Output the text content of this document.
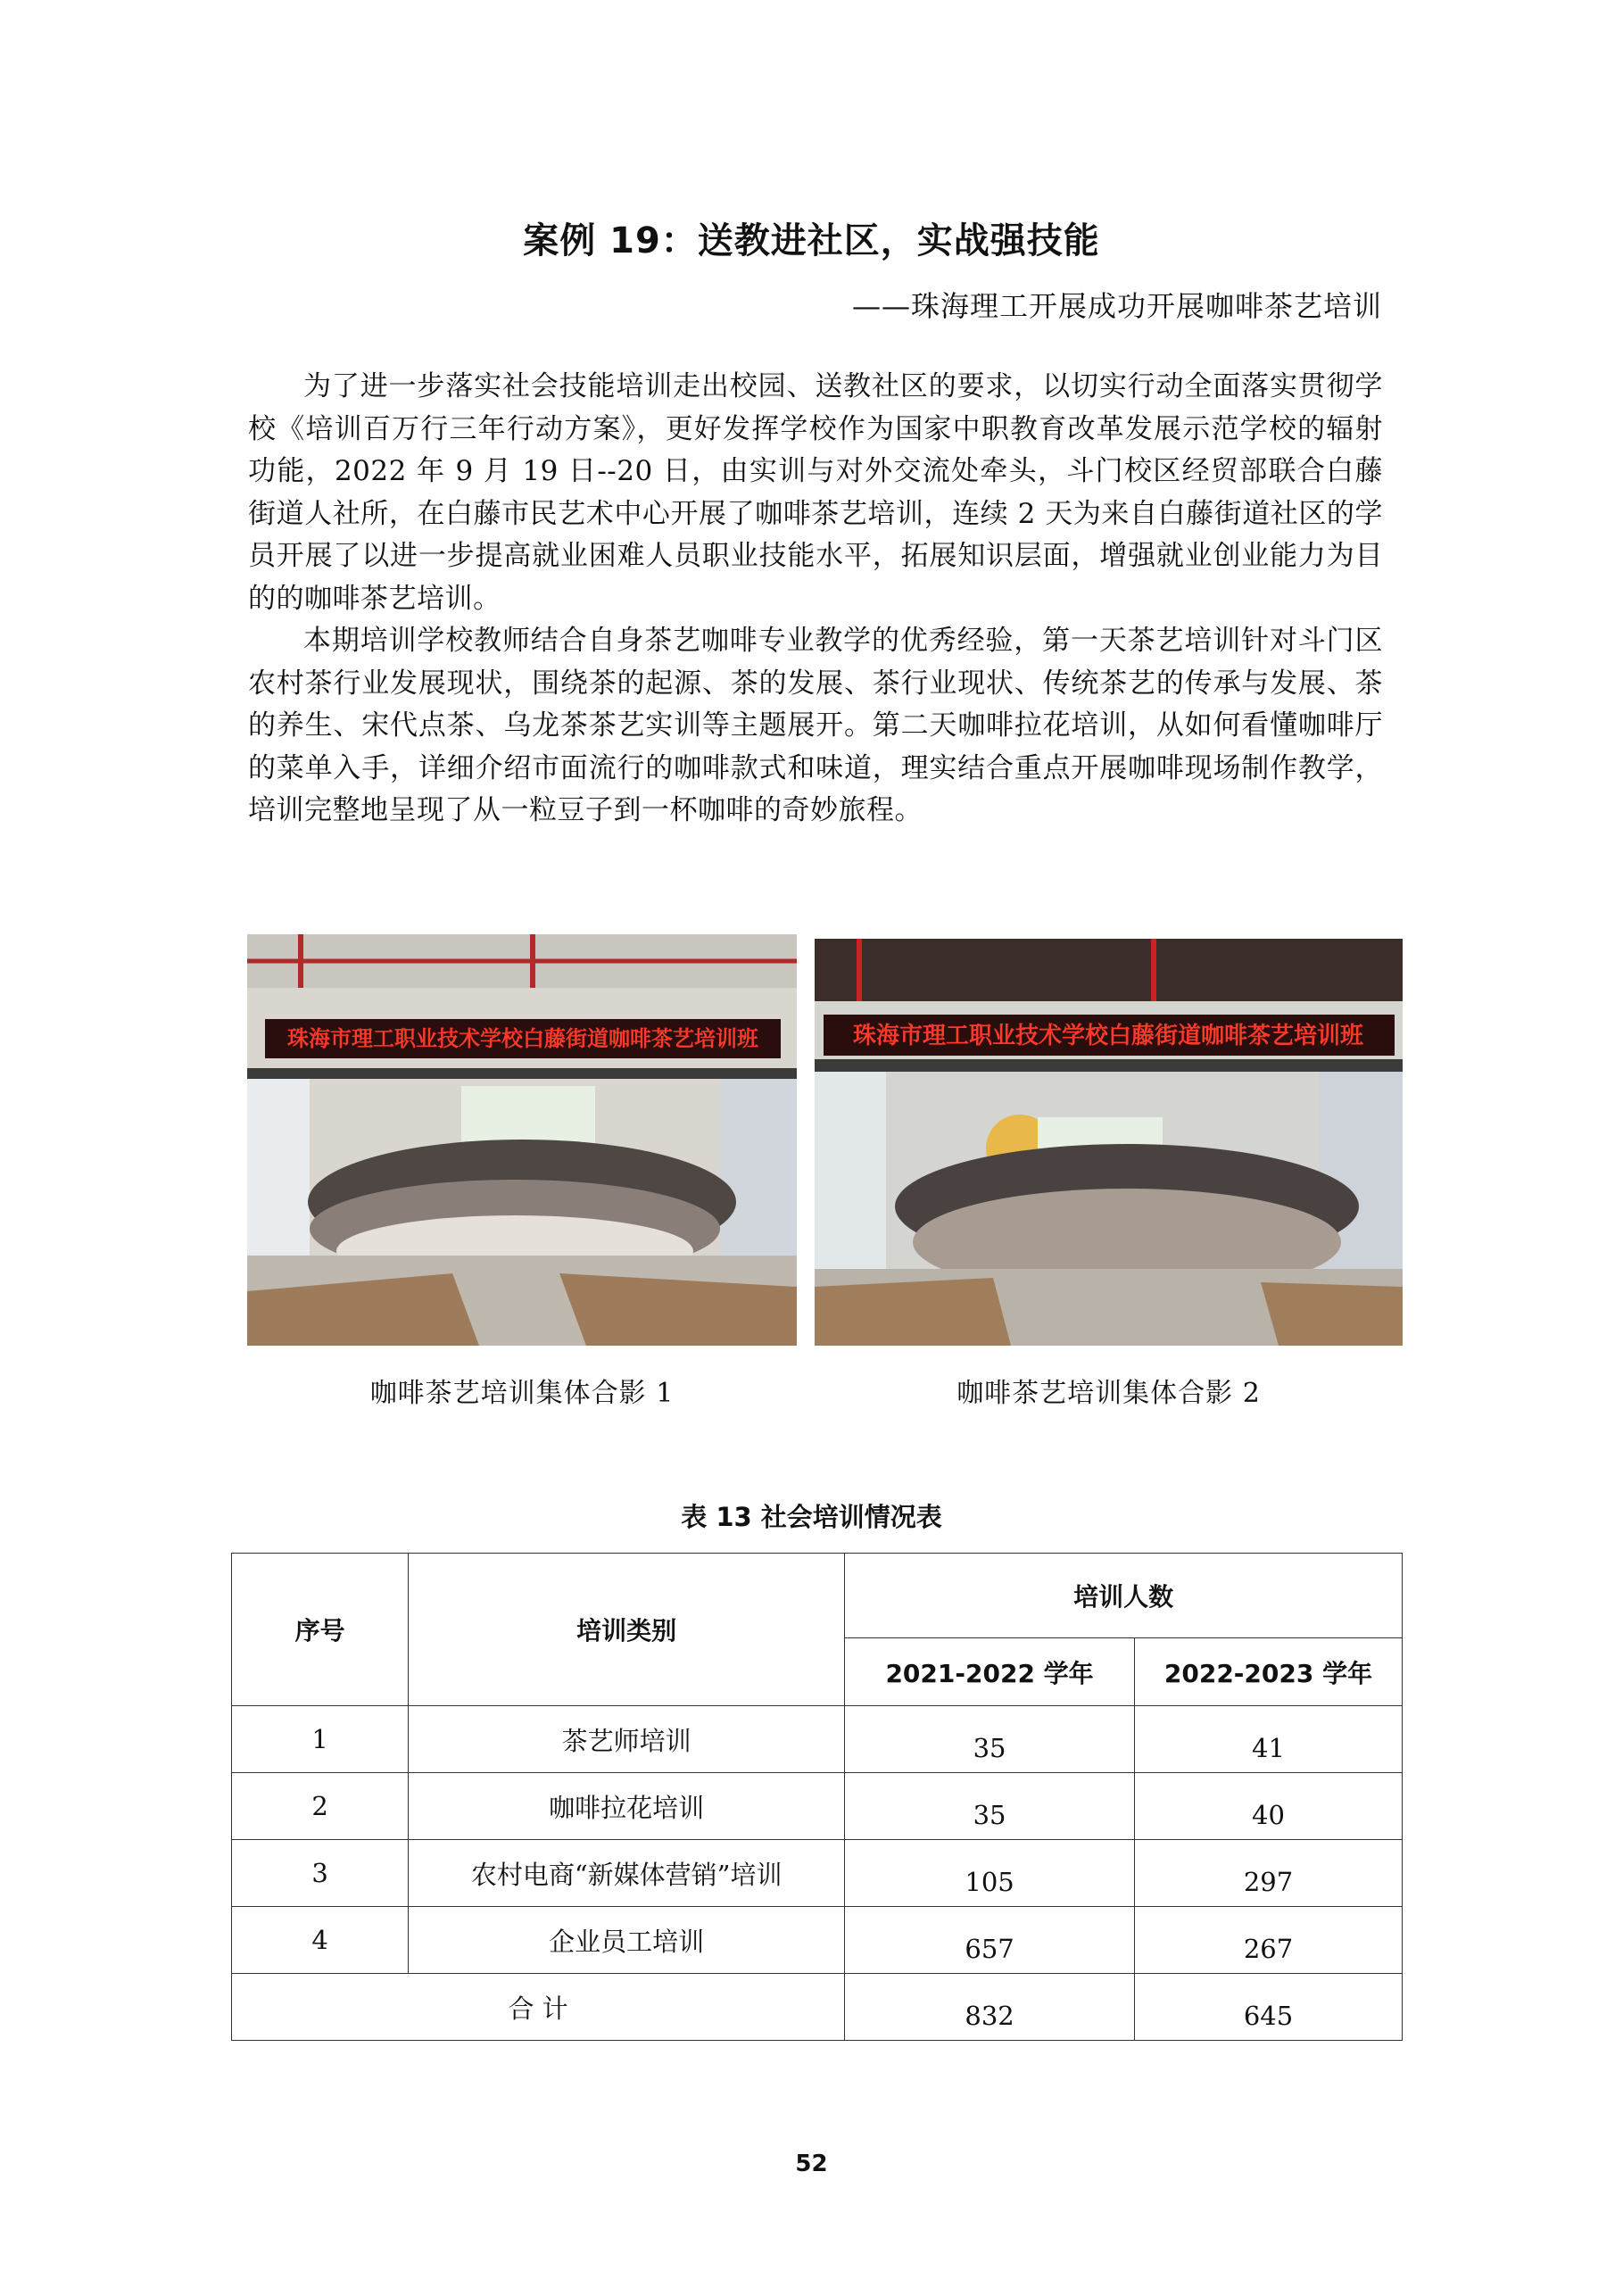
案例 19：送教进社区，实战强技能
——珠海理工开展成功开展咖啡茶艺培训

为了进一步落实社会技能培训走出校园、送教社区的要求，以切实行动全面落实贯彻学校《培训百万行三年行动方案》，更好发挥学校作为国家中职教育改革发展示范学校的辐射功能，2022 年 9 月 19 日--20 日，由实训与对外交流处牵头，斗门校区经贸部联合白藤街道人社所，在白藤市民艺术中心开展了咖啡茶艺培训，连续 2 天为来自白藤街道社区的学员开展了以进一步提高就业困难人员职业技能水平，拓展知识层面，增强就业创业能力为目的的咖啡茶艺培训。

本期培训学校教师结合自身茶艺咖啡专业教学的优秀经验，第一天茶艺培训针对斗门区农村茶行业发展现状，围绕茶的起源、茶的发展、茶行业现状、传统茶艺的传承与发展、茶的养生、宋代点茶、乌龙茶茶艺实训等主题展开。第二天咖啡拉花培训，从如何看懂咖啡厅的菜单入手，详细介绍市面流行的咖啡款式和味道，理实结合重点开展咖啡现场制作教学，培训完整地呈现了从一粒豆子到一杯咖啡的奇妙旅程。

珠海市理工职业技术学校白藤街道咖啡茶艺培训班	珠海市理工职业技术学校白藤街道咖啡茶艺培训班
咖啡茶艺培训集体合影 1	咖啡茶艺培训集体合影 2
表 13 社会培训情况表
序号	培训类别	培训人数	
		2021-2022 学年	2022-2023 学年
1	茶艺师培训	35	41
2	咖啡拉花培训	35	40
3	农村电商“新媒体营销”培训	105	297
4	企业员工培训	657	267
合 计		832	645
52
